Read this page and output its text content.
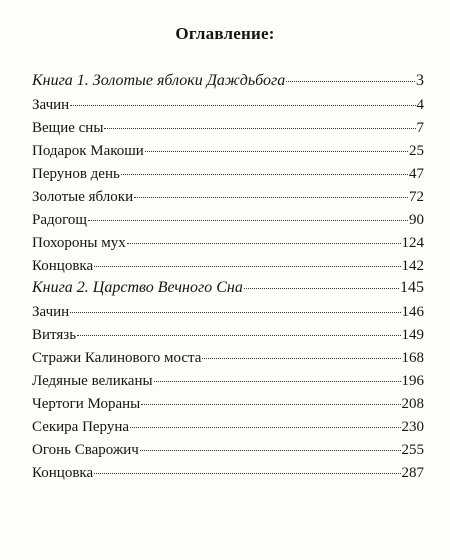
Оглавление:
Книга 1. Золотые яблоки Даждьбога	3
Зачин	4
Вещие сны	7
Подарок Макоши	25
Перунов день	47
Золотые яблоки	72
Радогощ	90
Похороны мух	124
Концовка	142
Книга 2. Царство Вечного Сна	145
Зачин	146
Витязь	149
Стражи Калинового моста	168
Ледяные великаны	196
Чертоги Мораны	208
Секира Перуна	230
Огонь Сварожич	255
Концовка	287
